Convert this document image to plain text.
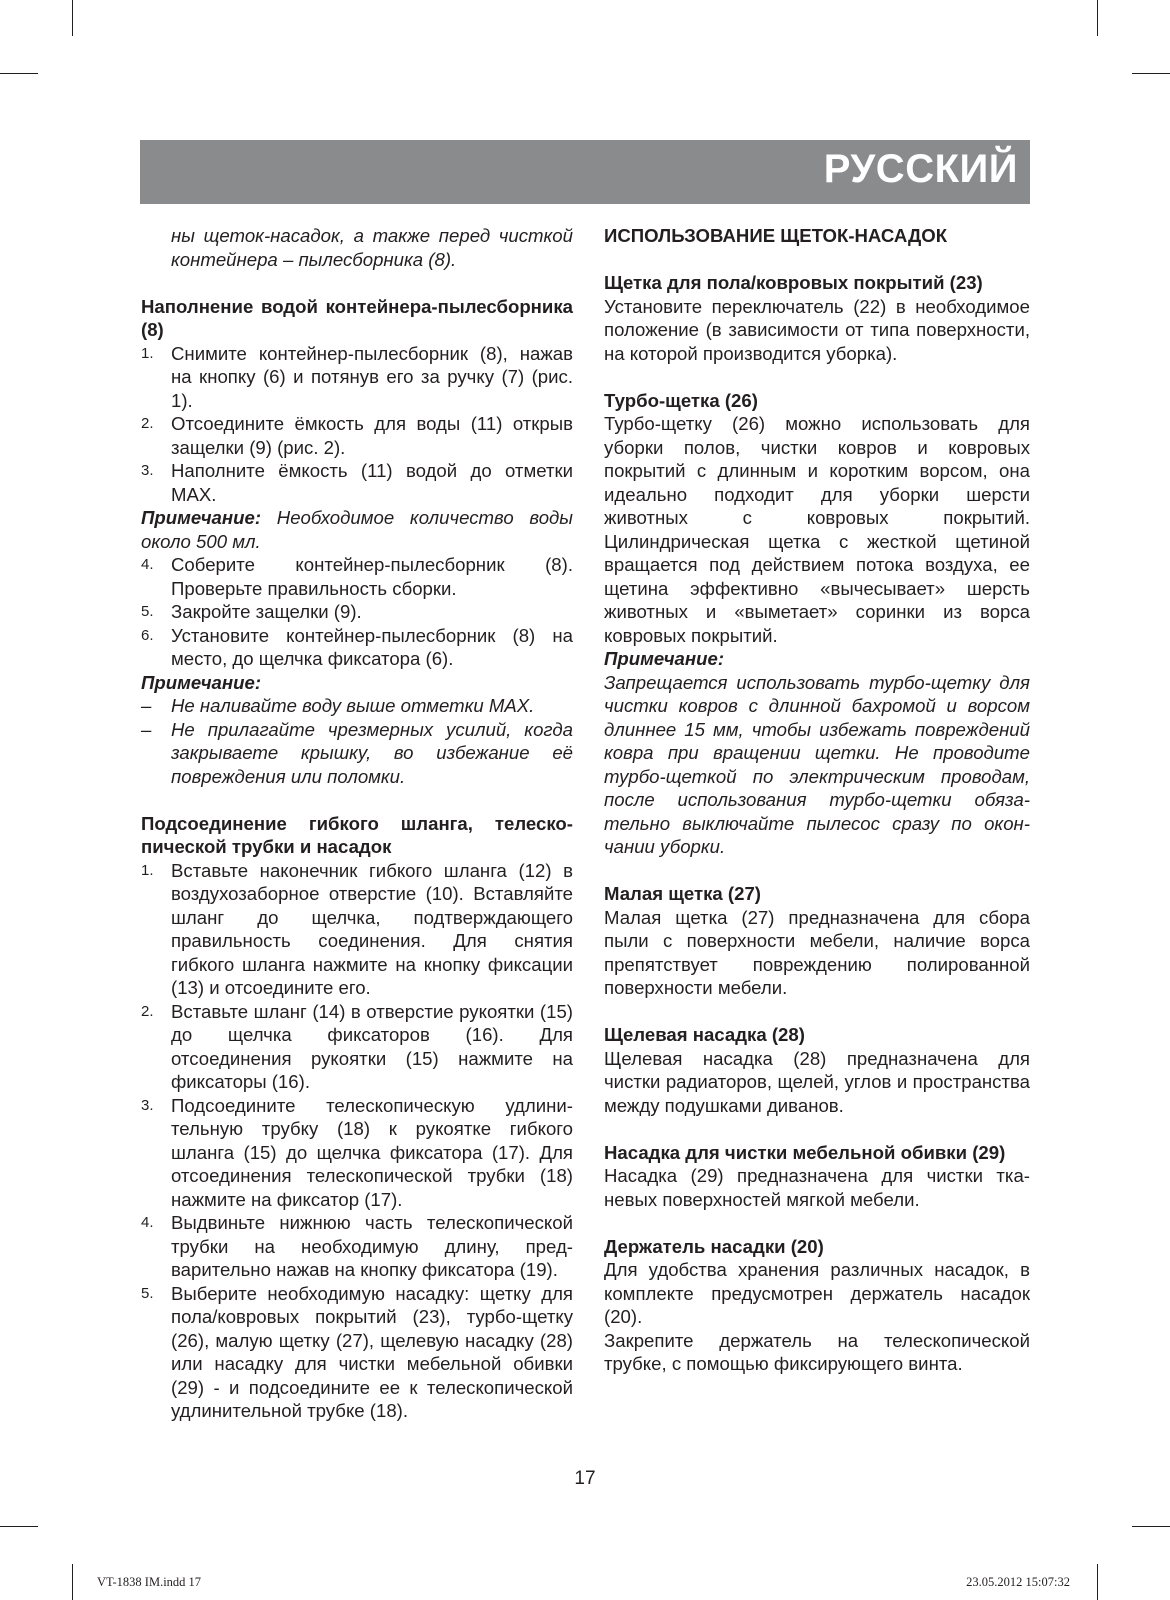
РУССКИЙ

ны щеток-насадок, а также перед чисткой контейнера – пылесборника (8).

Наполнение водой контейнера-пылесборника (8)

1. Снимите контейнер-пылесборник (8), нажав на кнопку (6) и потянув его за ручку (7) (рис. 1).
2. Отсоедините ёмкость для воды (11) открыв защелки (9) (рис. 2).
3. Наполните ёмкость (11) водой до отметки MAX.

Примечание: Необходимое количество воды около 500 мл.

4. Соберите контейнер-пылесборник (8). Проверьте правильность сборки.
5. Закройте защелки (9).
6. Установите контейнер-пылесборник (8) на место, до щелчка фиксатора (6).

Примечание:

– Не наливайте воду выше отметки MAX.
– Не прилагайте чрезмерных усилий, когда закрываете крышку, во избежание её повреждения или поломки.

Подсоединение гибкого шланга, телескопической трубки и насадок

1. Вставьте наконечник гибкого шланга (12) в воздухозаборное отверстие (10). Вставляйте шланг до щелчка, подтверждающего правильность соединения. Для снятия гибкого шланга нажмите на кнопку фиксации (13) и отсоедините его.
2. Вставьте шланг (14) в отверстие рукоятки (15) до щелчка фиксаторов (16). Для отсоединения рукоятки (15) нажмите на фиксаторы (16).
3. Подсоедините телескопическую удлинительную трубку (18) к рукоятке гибкого шланга (15) до щелчка фиксатора (17). Для отсоединения телескопической трубки (18) нажмите на фиксатор (17).
4. Выдвиньте нижнюю часть телескопической трубки на необходимую длину, предварительно нажав на кнопку фиксатора (19).
5. Выберите необходимую насадку: щетку для пола/ковровых покрытий (23), турбо-щетку (26), малую щетку (27), щелевую насадку (28) или насадку для чистки мебельной обивки (29) - и подсоедините ее к телескопической удлинительной трубке (18).

ИСПОЛЬЗОВАНИЕ ЩЕТОК-НАСАДОК

Щетка для пола/ковровых покрытий (23)

Установите переключатель (22) в необходимое положение (в зависимости от типа поверхности, на которой производится уборка).

Турбо-щетка (26)

Турбо-щетку (26) можно использовать для уборки полов, чистки ковров и ковровых покрытий с длинным и коротким ворсом, она идеально подходит для уборки шерсти животных с ковровых покрытий. Цилиндрическая щетка с жесткой щетиной вращается под действием потока воздуха, ее щетина эффективно «вычесывает» шерсть животных и «выметает» соринки из ворса ковровых покрытий.

Примечание:

Запрещается использовать турбо-щетку для чистки ковров с длинной бахромой и ворсом длиннее 15 мм, чтобы избежать повреждений ковра при вращении щетки. Не проводите турбо-щеткой по электрическим проводам, после использования турбо-щетки обязательно выключайте пылесос сразу по окончании уборки.

Малая щетка (27)

Малая щетка (27) предназначена для сбора пыли с поверхности мебели, наличие ворса препятствует повреждению полированной поверхности мебели.

Щелевая насадка (28)

Щелевая насадка (28) предназначена для чистки радиаторов, щелей, углов и пространства между подушками диванов.

Насадка для чистки мебельной обивки (29)

Насадка (29) предназначена для чистки тканевых поверхностей мягкой мебели.

Держатель насадки (20)

Для удобства хранения различных насадок, в комплекте предусмотрен держатель насадок (20).

Закрепите держатель на телескопической трубке, с помощью фиксирующего винта.

17
VT-1838 IM.indd 17	23.05.2012 15:07:32
